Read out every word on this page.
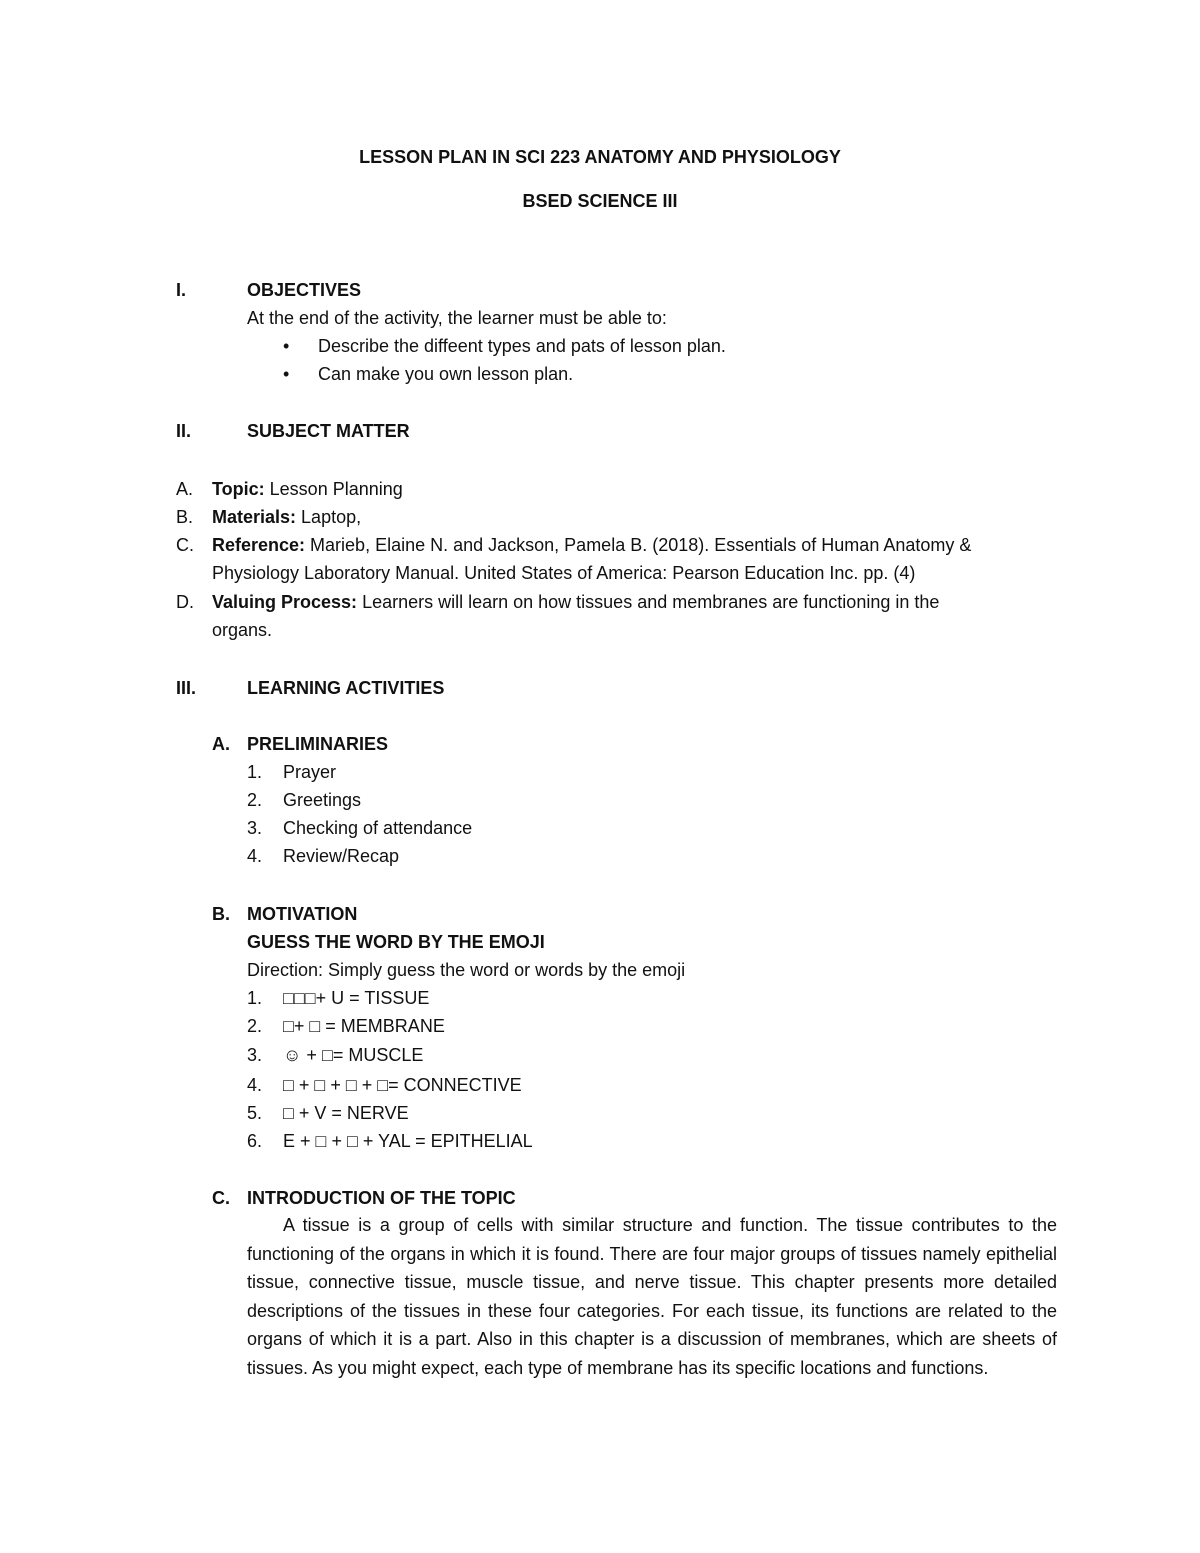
LESSON PLAN IN SCI 223 ANATOMY AND PHYSIOLOGY
BSED SCIENCE III
I.	OBJECTIVES
At the end of the activity, the learner must be able to:
• Describe the diffeent types and pats of lesson plan.
• Can make you own lesson plan.
II.	SUBJECT MATTER
A. Topic: Lesson Planning
B. Materials: Laptop,
C. Reference: Marieb, Elaine N. and Jackson, Pamela B. (2018). Essentials of Human Anatomy &
Physiology Laboratory Manual. United States of America: Pearson Education Inc. pp. (4)
D. Valuing Process: Learners will learn on how tissues and membranes are functioning in the
organs.
III.	LEARNING ACTIVITIES
A. PRELIMINARIES
1. Prayer
2. Greetings
3. Checking of attendance
4. Review/Recap
B. MOTIVATION
GUESS THE WORD BY THE EMOJI
Direction: Simply guess the word or words by the emoji
1. □□□+ U = TISSUE
2. □+ □ = MEMBRANE
3. ☺ + □= MUSCLE
4. □ + □ + □ + □= CONNECTIVE
5. □ + V = NERVE
6. E + □ + □ + YAL = EPITHELIAL
C. INTRODUCTION OF THE TOPIC
A tissue is a group of cells with similar structure and function. The tissue contributes to the functioning of the organs in which it is found. There are four major groups of tissues namely epithelial tissue, connective tissue, muscle tissue, and nerve tissue. This chapter presents more detailed descriptions of the tissues in these four categories. For each tissue, its functions are related to the organs of which it is a part. Also in this chapter is a discussion of membranes, which are sheets of tissues. As you might expect, each type of membrane has its specific locations and functions.
